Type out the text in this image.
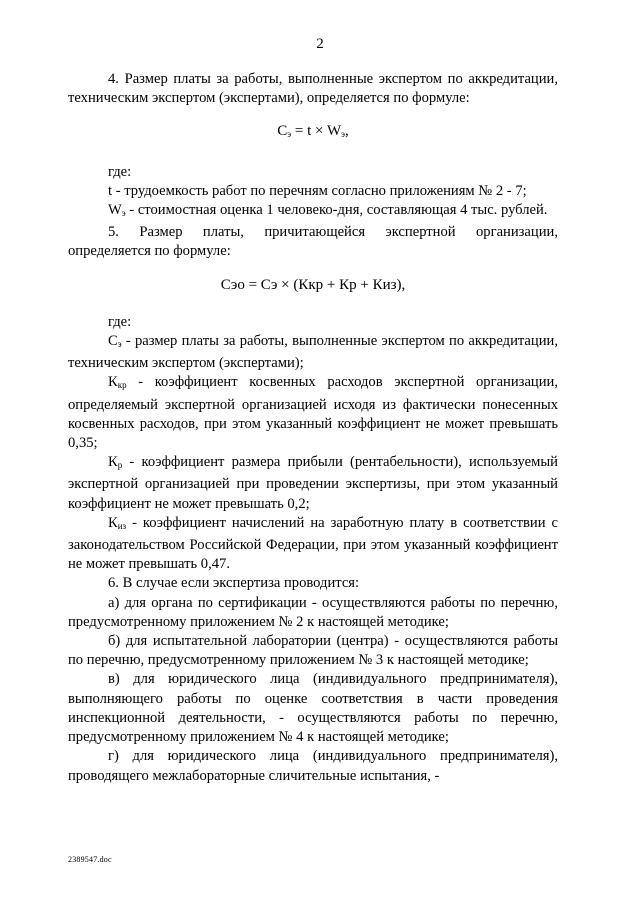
2

4. Размер платы за работы, выполненные экспертом по аккредитации, техническим экспертом (экспертами), определяется по формуле:

$С_э = t \times W_э$,

где:

t - трудоемкость работ по перечням согласно приложениям № 2 - 7;

$W_э$ - стоимостная оценка 1 человеко-дня, составляющая 4 тыс. рублей.

5. Размер платы, причитающейся экспертной организации, определяется по формуле:

Сэо = Сэ × (Ккр + Кр + Киз),

где:

$С_э$ - размер платы за работы, выполненные экспертом по аккредитации, техническим экспертом (экспертами);

$К_{кр}$ - коэффициент косвенных расходов экспертной организации, определяемый экспертной организацией исходя из фактически понесенных косвенных расходов, при этом указанный коэффициент не может превышать 0,35;

$К_р$ - коэффициент размера прибыли (рентабельности), используемый экспертной организацией при проведении экспертизы, при этом указанный коэффициент не может превышать 0,2;

$К_{из}$ - коэффициент начислений на заработную плату в соответствии с законодательством Российской Федерации, при этом указанный коэффициент не может превышать 0,47.

6. В случае если экспертиза проводится:

а) для органа по сертификации - осуществляются работы по перечню, предусмотренному приложением № 2 к настоящей методике;

б) для испытательной лаборатории (центра) - осуществляются работы по перечню, предусмотренному приложением № 3 к настоящей методике;

в) для юридического лица (индивидуального предпринимателя), выполняющего работы по оценке соответствия в части проведения инспекционной деятельности, - осуществляются работы по перечню, предусмотренному приложением № 4 к настоящей методике;

г) для юридического лица (индивидуального предпринимателя), проводящего межлабораторные сличительные испытания, -

2389547.doc
